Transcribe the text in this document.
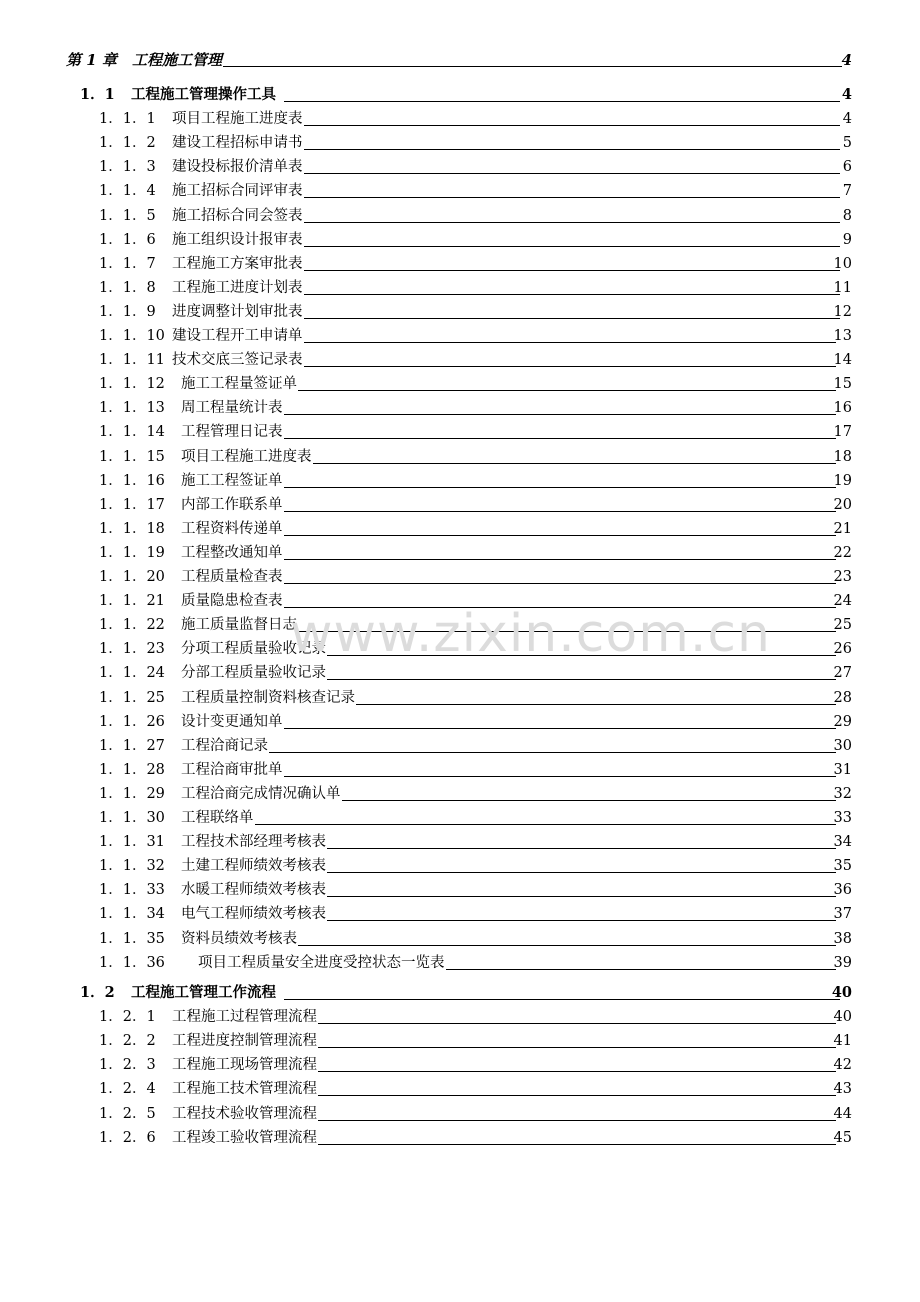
第 1 章 工程施工管理	4
1．1 工程施工管理操作工具	4
1．1．1 项目工程施工进度表	4
1．1．2 建设工程招标申请书	5
1．1．3 建设投标报价清单表	6
1．1．4 施工招标合同评审表	7
1．1．5 施工招标合同会签表	8
1．1．6 施工组织设计报审表	9
1．1．7 工程施工方案审批表	10
1．1．8 工程施工进度计划表	11
1．1．9 进度调整计划审批表	12
1．1．10 建设工程开工申请单	13
1．1．11 技术交底三签记录表	14
1．1．12 施工工程量签证单	15
1．1．13 周工程量统计表	16
1．1．14 工程管理日记表	17
1．1．15 项目工程施工进度表	18
1．1．16 施工工程签证单	19
1．1．17 内部工作联系单	20
1．1．18 工程资料传递单	21
1．1．19 工程整改通知单	22
1．1．20 工程质量检查表	23
1．1．21 质量隐患检查表	24
1．1．22 施工质量监督日志	25
1．1．23 分项工程质量验收记录	26
1．1．24 分部工程质量验收记录	27
1．1．25 工程质量控制资料核查记录	28
1．1．26 设计变更通知单	29
1．1．27 工程洽商记录	30
1．1．28 工程洽商审批单	31
1．1．29 工程洽商完成情况确认单	32
1．1．30 工程联络单	33
1．1．31 工程技术部经理考核表	34
1．1．32 土建工程师绩效考核表	35
1．1．33 水暖工程师绩效考核表	36
1．1．34 电气工程师绩效考核表	37
1．1．35 资料员绩效考核表	38
1．1．36 项目工程质量安全进度受控状态一览表	39
1．2 工程施工管理工作流程	40
1．2．1 工程施工过程管理流程	40
1．2．2 工程进度控制管理流程	41
1．2．3 工程施工现场管理流程	42
1．2．4 工程施工技术管理流程	43
1．2．5 工程技术验收管理流程	44
1．2．6 工程竣工验收管理流程	45
www.zixin.com.cn
